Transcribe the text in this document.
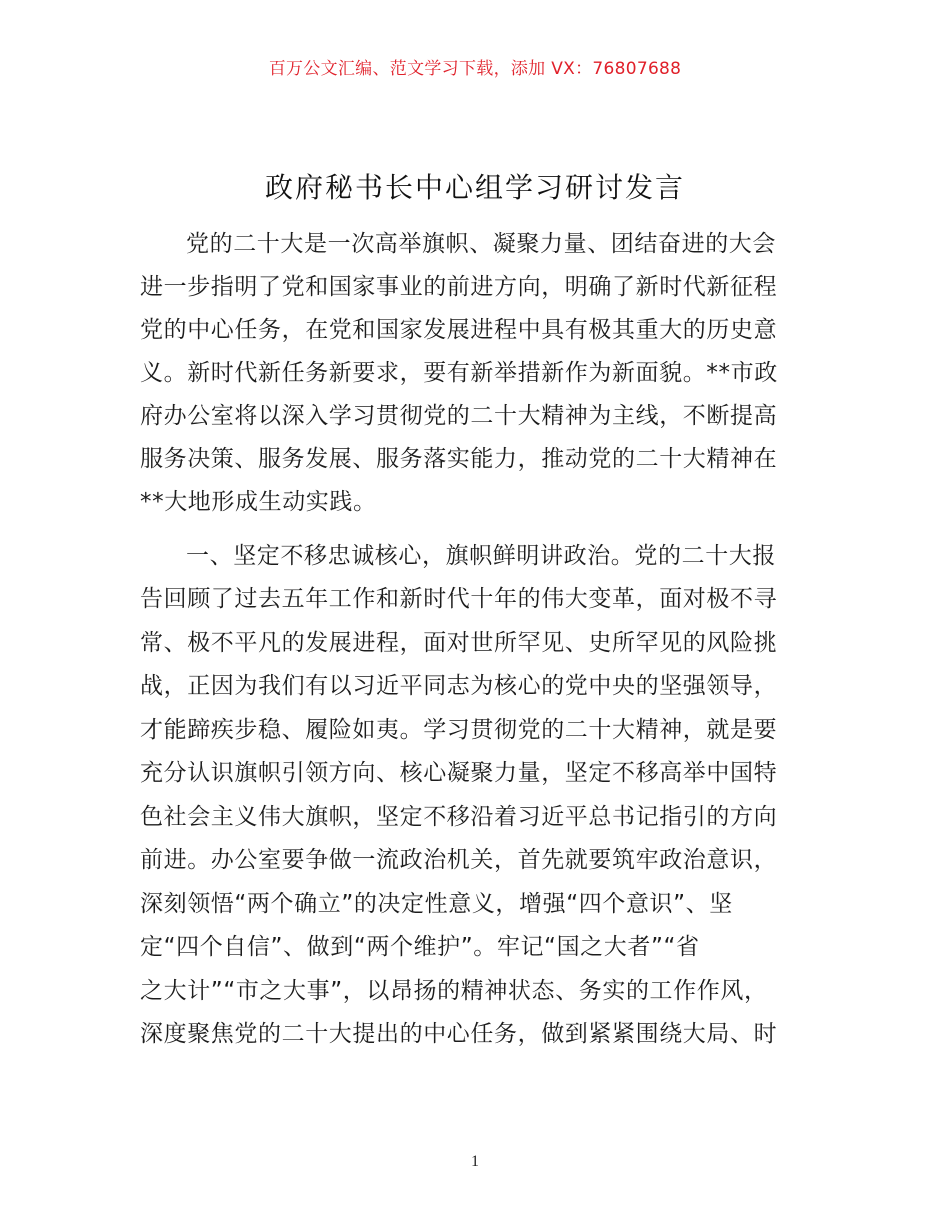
百万公文汇编、范文学习下载，添加 VX：76807688
政府秘书长中心组学习研讨发言
党的二十大是一次高举旗帜、凝聚力量、团结奋进的大会
进一步指明了党和国家事业的前进方向，明确了新时代新征程
党的中心任务，在党和国家发展进程中具有极其重大的历史意
义。新时代新任务新要求，要有新举措新作为新面貌。**市政
府办公室将以深入学习贯彻党的二十大精神为主线，不断提高
服务决策、服务发展、服务落实能力，推动党的二十大精神在
**大地形成生动实践。
一、坚定不移忠诚核心，旗帜鲜明讲政治。党的二十大报
告回顾了过去五年工作和新时代十年的伟大变革，面对极不寻
常、极不平凡的发展进程，面对世所罕见、史所罕见的风险挑
战，正因为我们有以习近平同志为核心的党中央的坚强领导，
才能蹄疾步稳、履险如夷。学习贯彻党的二十大精神，就是要
充分认识旗帜引领方向、核心凝聚力量，坚定不移高举中国特
色社会主义伟大旗帜，坚定不移沿着习近平总书记指引的方向
前进。办公室要争做一流政治机关，首先就要筑牢政治意识，
深刻领悟“两个确立”的决定性意义，增强“四个意识”、坚
定“四个自信”、做到“两个维护”。牢记“国之大者”“省
之大计”“市之大事”，以昂扬的精神状态、务实的工作作风，
深度聚焦党的二十大提出的中心任务，做到紧紧围绕大局、时
1
